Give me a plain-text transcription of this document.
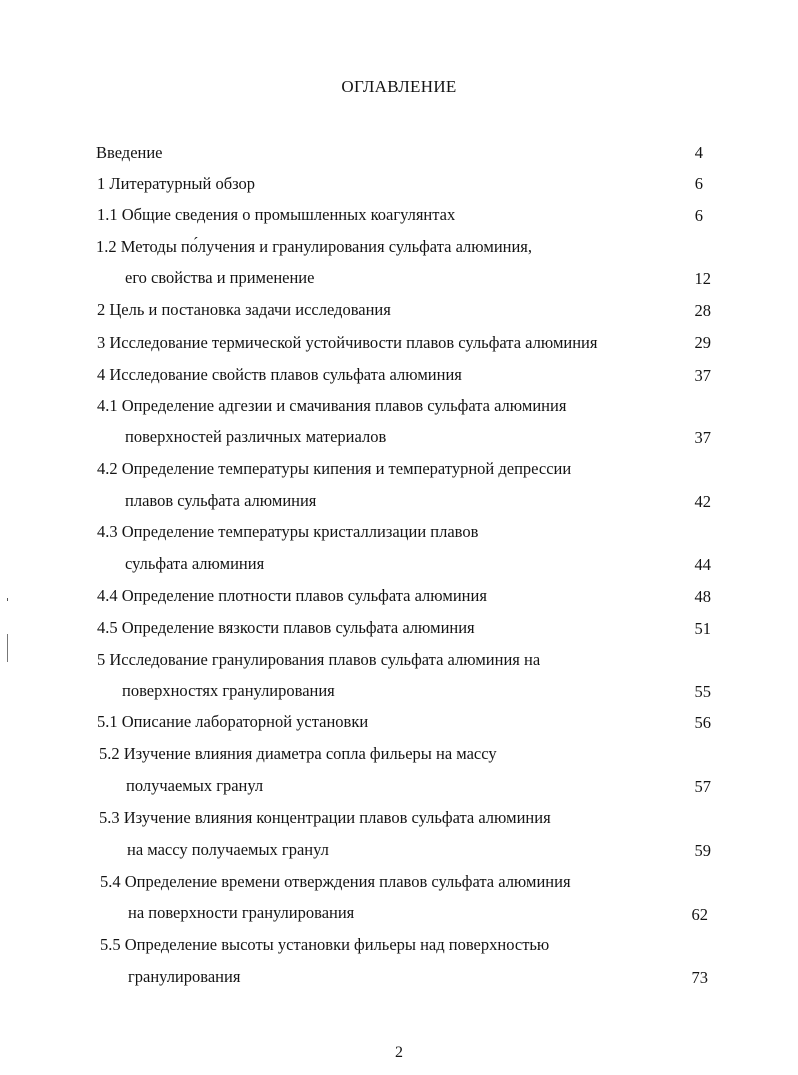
ОГЛАВЛЕНИЕ
Введение	4
1 Литературный обзор	6
1.1 Общие сведения о промышленных коагулянтах	6
1.2 Методы по́лучения и гранулирования сульфата алюминия,
его свойства и применение	12
2 Цель и постановка задачи исследования	28
3 Исследование термической устойчивости плавов сульфата алюминия	29
4 Исследование свойств плавов сульфата алюминия	37
4.1 Определение адгезии и смачивания плавов сульфата алюминия
поверхностей различных материалов	37
4.2 Определение температуры кипения и температурной депрессии
плавов сульфата алюминия	42
4.3 Определение температуры кристаллизации плавов
сульфата алюминия	44
4.4 Определение плотности плавов сульфата алюминия	48
4.5 Определение вязкости плавов сульфата алюминия	51
5 Исследование гранулирования плавов сульфата алюминия на
поверхностях гранулирования	55
5.1 Описание лабораторной установки	56
5.2 Изучение влияния диаметра сопла фильеры на массу
получаемых гранул	57
5.3 Изучение влияния концентрации плавов сульфата алюминия
на массу получаемых гранул	59
5.4 Определение времени отверждения плавов сульфата алюминия
на поверхности гранулирования	62
5.5 Определение высоты установки фильеры над поверхностью
гранулирования	73
2
